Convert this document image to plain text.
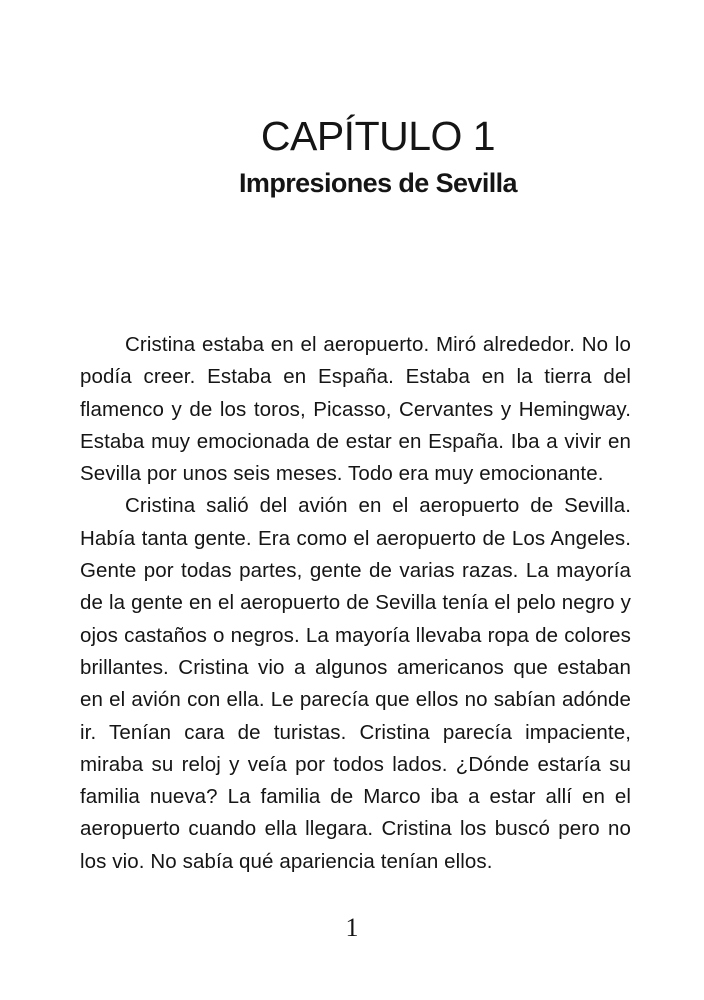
CAPÍTULO 1
Impresiones de Sevilla

Cristina estaba en el aeropuerto. Miró alrededor. No lo podía creer. Estaba en España. Estaba en la tierra del flamenco y de los toros, Picasso, Cervantes y Hemingway. Estaba muy emocionada de estar en España. Iba a vivir en Sevilla por unos seis meses. Todo era muy emocionante.

Cristina salió del avión en el aeropuerto de Sevilla. Había tanta gente. Era como el aeropuerto de Los Angeles. Gente por todas partes, gente de varias razas. La mayoría de la gente en el aeropuerto de Sevilla tenía el pelo negro y ojos castaños o negros. La mayoría llevaba ropa de colores brillantes. Cristina vio a algunos americanos que estaban en el avión con ella. Le parecía que ellos no sabían adónde ir. Tenían cara de turistas. Cristina parecía impaciente, miraba su reloj y veía por todos lados. ¿Dónde estaría su familia nueva? La familia de Marco iba a estar allí en el aeropuerto cuando ella llegara. Cristina los buscó pero no los vio. No sabía qué apariencia tenían ellos.

1
